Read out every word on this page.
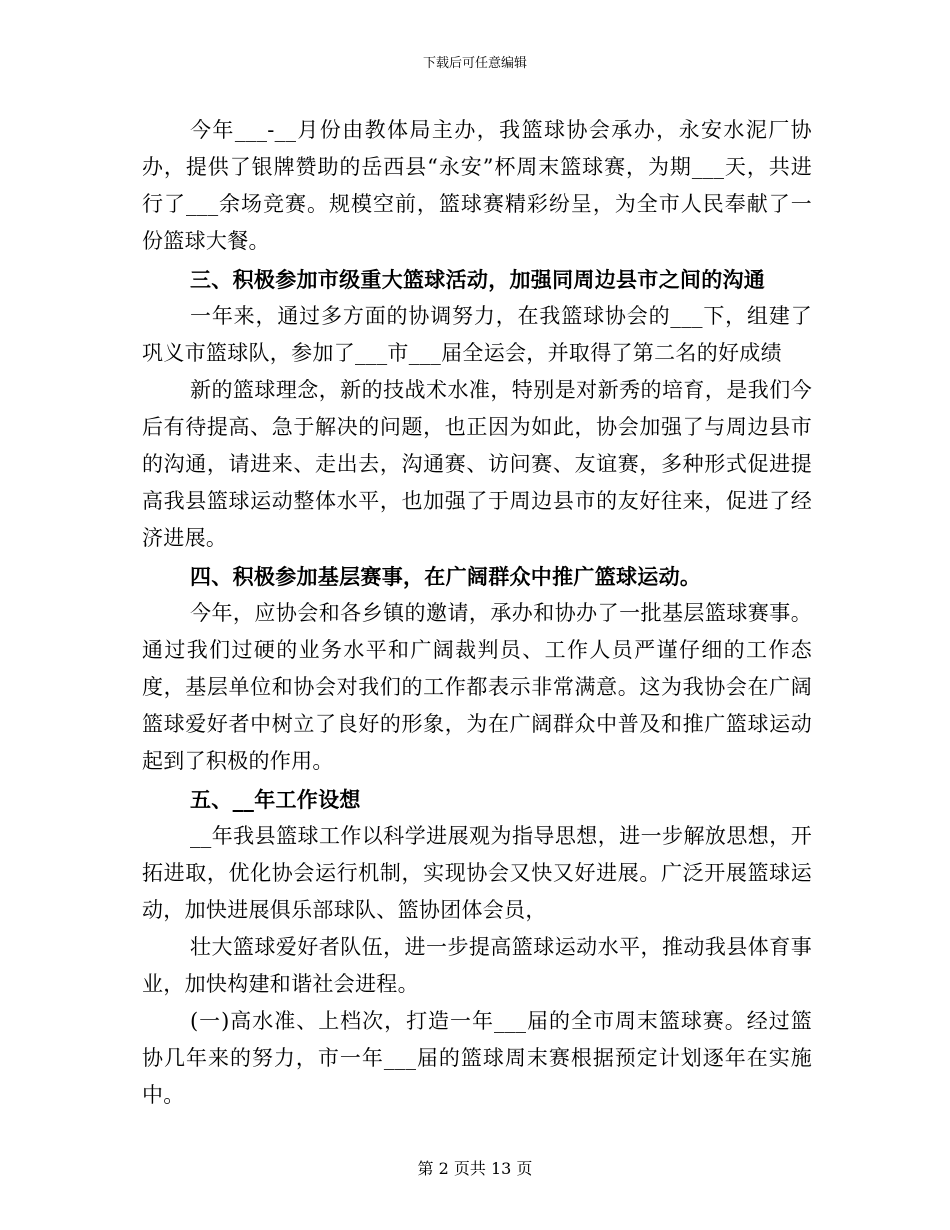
下载后可任意编辑

今年___-__月份由教体局主办，我篮球协会承办，永安水泥厂协办，提供了银牌赞助的岳西县“永安”杯周末篮球赛，为期___天，共进行了___余场竞赛。规模空前，篮球赛精彩纷呈，为全市人民奉献了一份篮球大餐。

三、积极参加市级重大篮球活动，加强同周边县市之间的沟通

一年来，通过多方面的协调努力，在我篮球协会的___下，组建了巩义市篮球队，参加了___市___届全运会，并取得了第二名的好成绩

新的篮球理念，新的技战术水准，特别是对新秀的培育，是我们今后有待提高、急于解决的问题，也正因为如此，协会加强了与周边县市的沟通，请进来、走出去，沟通赛、访问赛、友谊赛，多种形式促进提高我县篮球运动整体水平，也加强了于周边县市的友好往来，促进了经济进展。

四、积极参加基层赛事，在广阔群众中推广篮球运动。

今年，应协会和各乡镇的邀请，承办和协办了一批基层篮球赛事。通过我们过硬的业务水平和广阔裁判员、工作人员严谨仔细的工作态度，基层单位和协会对我们的工作都表示非常满意。这为我协会在广阔篮球爱好者中树立了良好的形象，为在广阔群众中普及和推广篮球运动起到了积极的作用。

五、__年工作设想

__年我县篮球工作以科学进展观为指导思想，进一步解放思想，开拓进取，优化协会运行机制，实现协会又快又好进展。广泛开展篮球运动，加快进展俱乐部球队、篮协团体会员，

壮大篮球爱好者队伍，进一步提高篮球运动水平，推动我县体育事业，加快构建和谐社会进程。

(一)高水准、上档次，打造一年___届的全市周末篮球赛。经过篮协几年来的努力，市一年___届的篮球周末赛根据预定计划逐年在实施中。

第 2 页共 13 页
